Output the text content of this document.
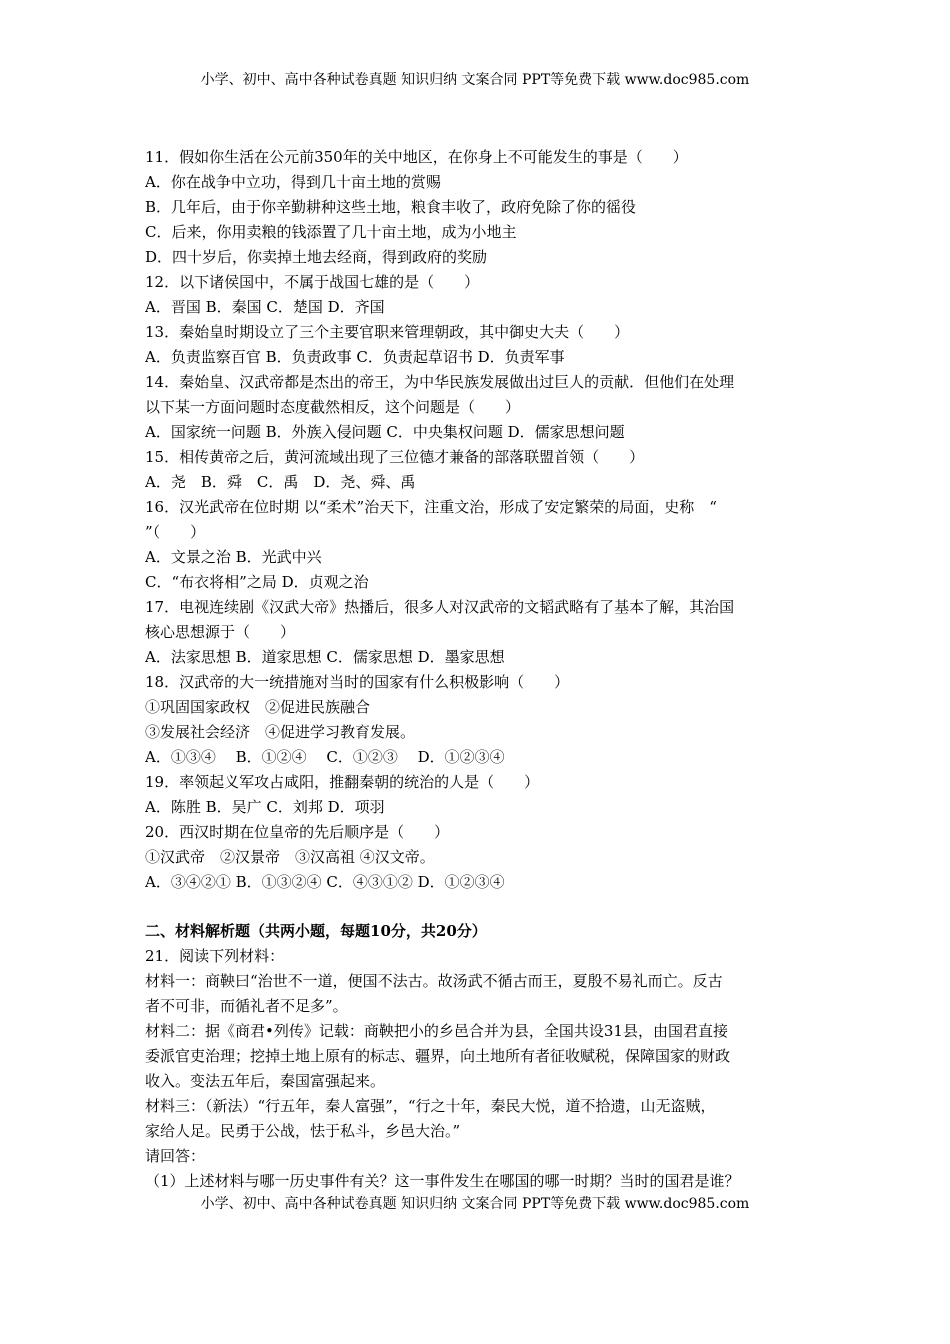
小学、初中、高中各种试卷真题 知识归纳 文案合同 PPT等免费下载 www.doc985.com
11．假如你生活在公元前350年的关中地区，在你身上不可能发生的事是（　　）
A．你在战争中立功，得到几十亩土地的赏赐
B．几年后，由于你辛勤耕种这些土地，粮食丰收了，政府免除了你的徭役
C．后来，你用卖粮的钱添置了几十亩土地，成为小地主
D．四十岁后，你卖掉土地去经商，得到政府的奖励
12．以下诸侯国中，不属于战国七雄的是（　　）
A．晋国 B．秦国 C．楚国 D．齐国
13．秦始皇时期设立了三个主要官职来管理朝政，其中御史大夫（　　）
A．负责监察百官 B．负责政事 C．负责起草诏书 D．负责军事
14．秦始皇、汉武帝都是杰出的帝王，为中华民族发展做出过巨人的贡献．但他们在处理
以下某一方面问题时态度截然相反，这个问题是（　　）
A．国家统一问题 B．外族入侵问题 C．中央集权问题 D．儒家思想问题
15．相传黄帝之后，黄河流域出现了三位德才兼备的部落联盟首领（　　）
A．尧　B．舜　C．禹　D．尧、舜、禹
16．汉光武帝在位时期 以“柔术”治天下，注重文治，形成了安定繁荣的局面，史称　“
”（　　）
A．文景之治 B．光武中兴
C．“布衣将相”之局 D．贞观之治
17．电视连续剧《汉武大帝》热播后，很多人对汉武帝的文韬武略有了基本了解，其治国
核心思想源于（　　）
A．法家思想 B．道家思想 C．儒家思想 D．墨家思想
18．汉武帝的大一统措施对当时的国家有什么积极影响（　　）
①巩固国家政权　②促进民族融合
③发展社会经济　④促进学习教育发展。
A．①③④　 B．①②④　 C．①②③　 D．①②③④
19．率领起义军攻占咸阳，推翻秦朝的统治的人是（　　）
A．陈胜 B．吴广 C．刘邦 D．项羽
20．西汉时期在位皇帝的先后顺序是（　　）
①汉武帝　②汉景帝　③汉高祖 ④汉文帝。
A．③④②① B．①③②④ C．④③①② D．①②③④
二、材料解析题（共两小题，每题10分，共20分）
21．阅读下列材料：
材料一：商鞅曰“治世不一道，便国不法古。故汤武不循古而王，夏殷不易礼而亡。反古
者不可非，而循礼者不足多”。
材料二：据《商君•列传》记载：商鞅把小的乡邑合并为县，全国共设31县，由国君直接
委派官吏治理；挖掉土地上原有的标志、疆界，向土地所有者征收赋税，保障国家的财政
收入。变法五年后，秦国富强起来。
材料三：（新法）“行五年，秦人富强”，“行之十年，秦民大悦，道不拾遗，山无盗贼，
家给人足。民勇于公战，怯于私斗，乡邑大治。”
请回答：
（1）上述材料与哪一历史事件有关？这一事件发生在哪国的哪一时期？当时的国君是谁？
小学、初中、高中各种试卷真题 知识归纳 文案合同 PPT等免费下载 www.doc985.com
